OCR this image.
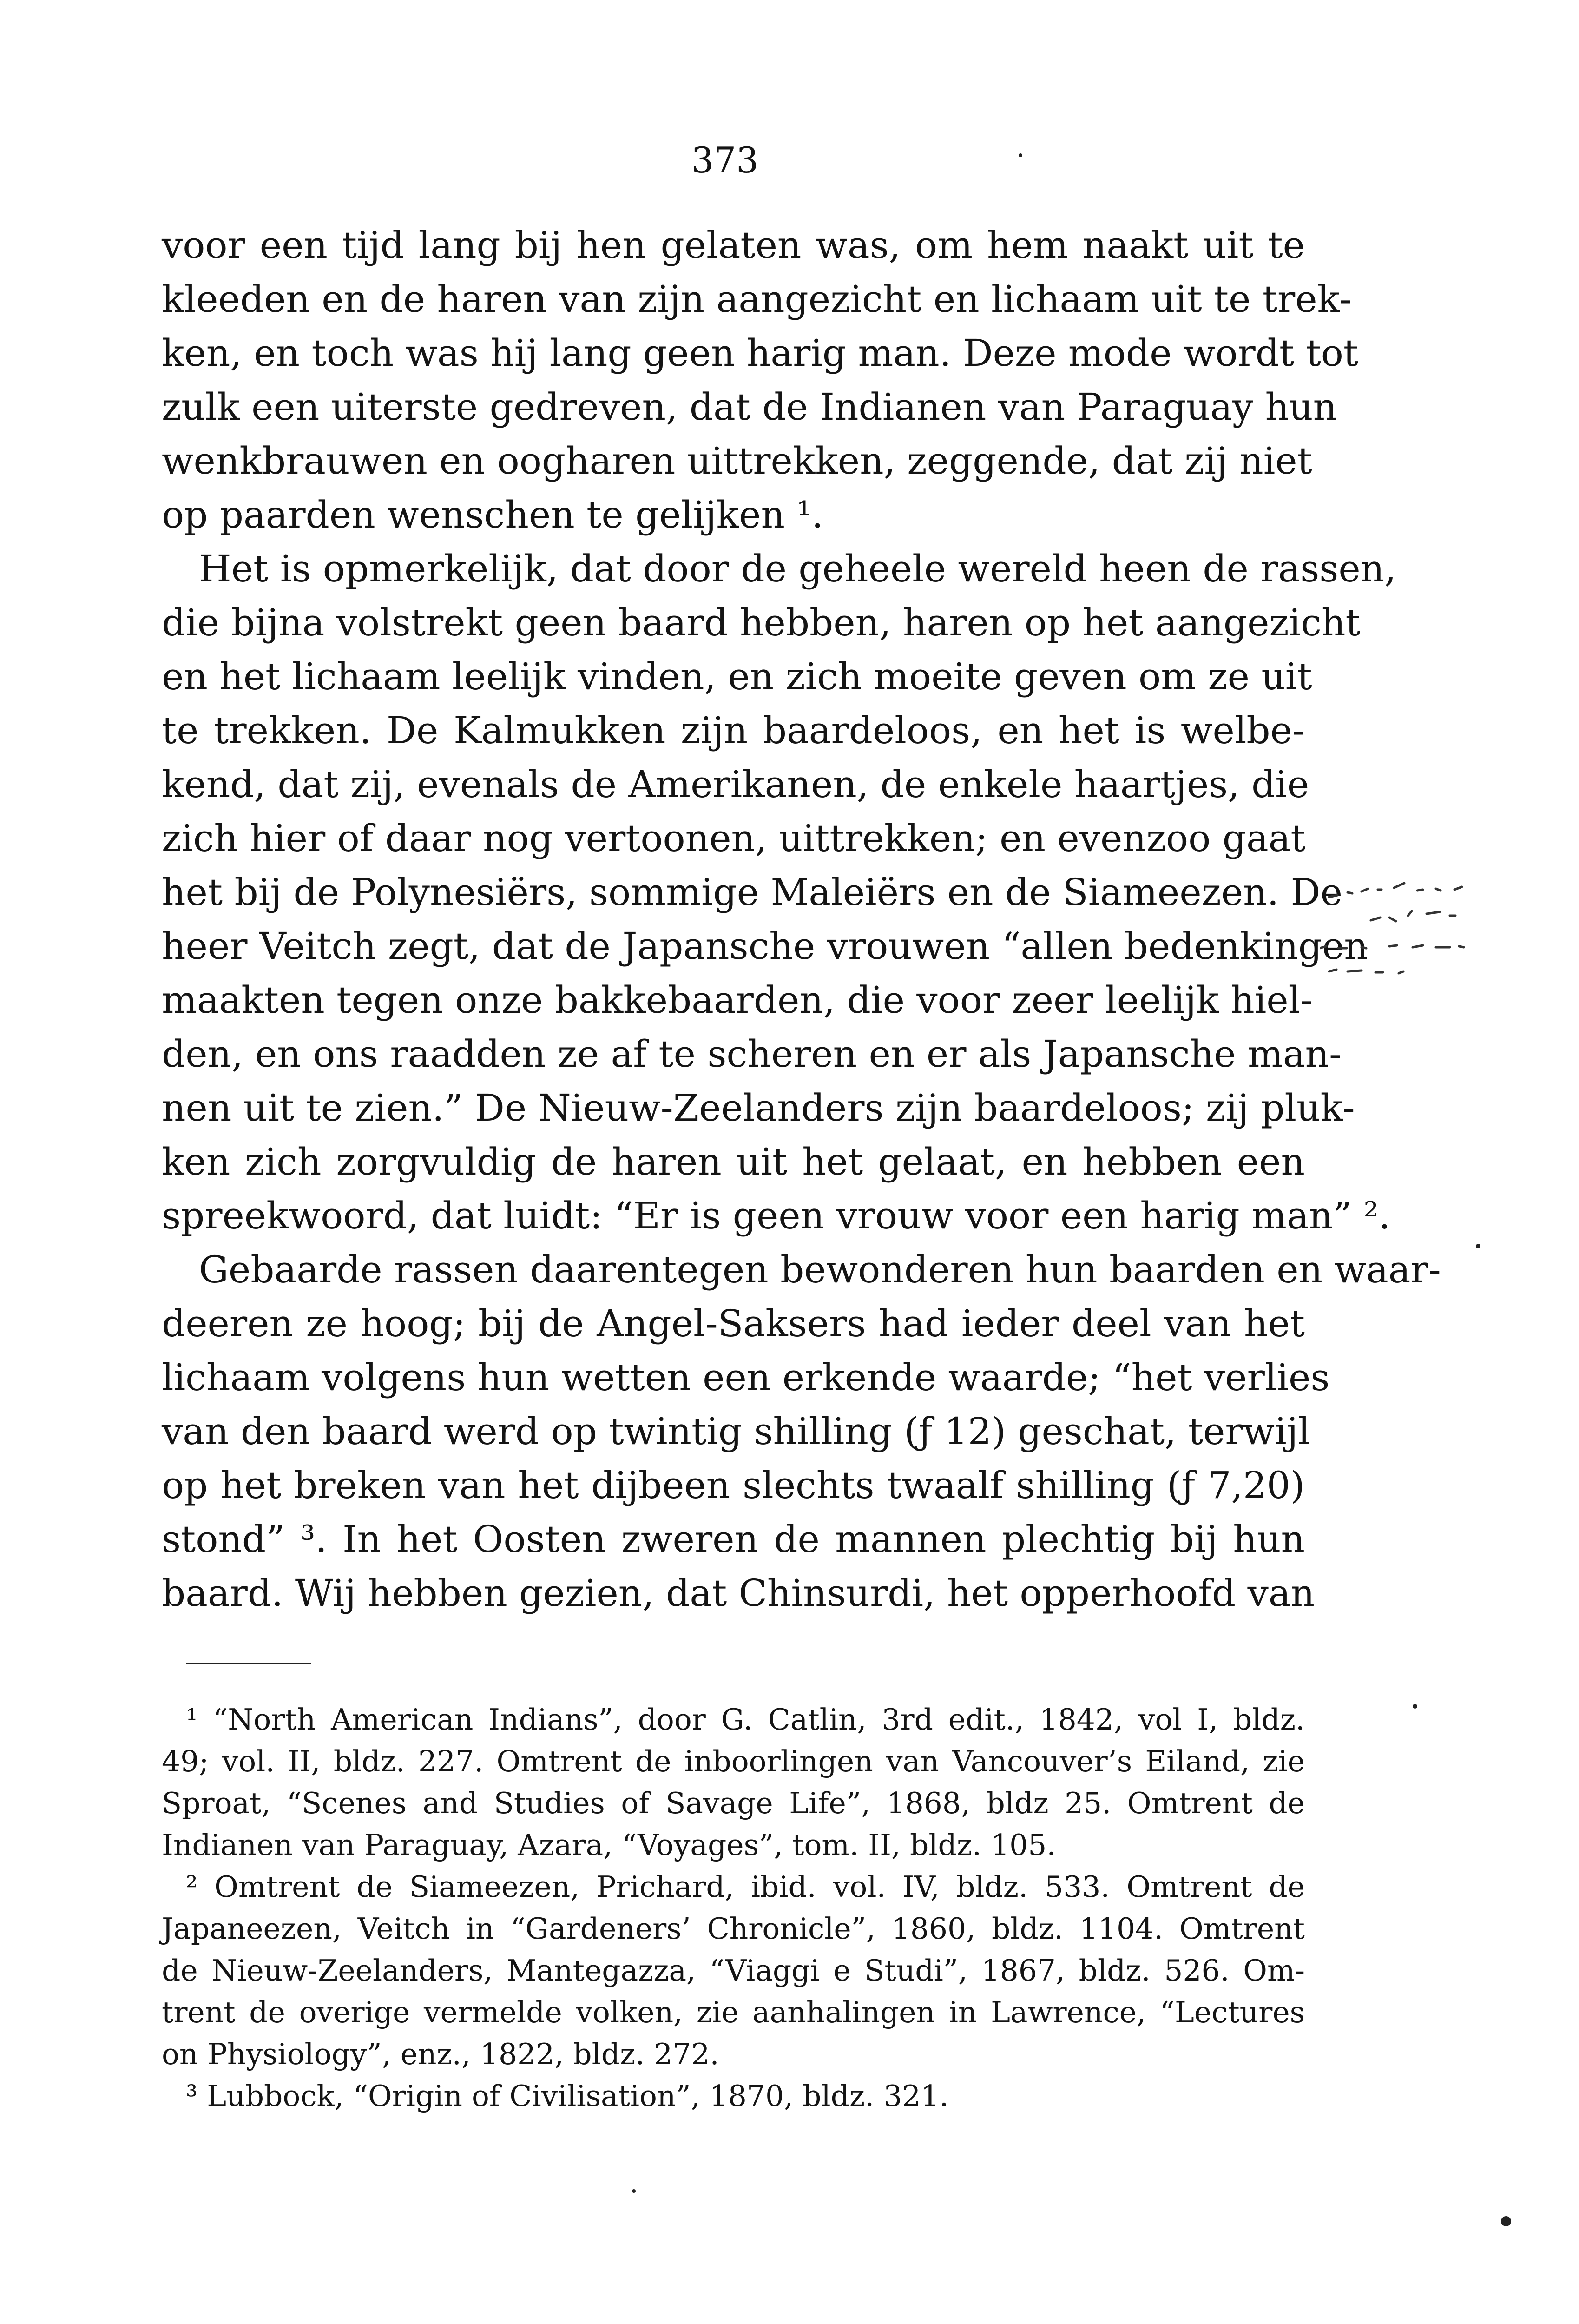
373
voor een tijd lang bij hen gelaten was, om hem naakt uit te
kleeden en de haren van zijn aangezicht en lichaam uit te trek-
ken, en toch was hij lang geen harig man. Deze mode wordt tot
zulk een uiterste gedreven, dat de Indianen van Paraguay hun
wenkbrauwen en oogharen uittrekken, zeggende, dat zij niet
op paarden wenschen te gelijken ¹.
Het is opmerkelijk, dat door de geheele wereld heen de rassen,
die bijna volstrekt geen baard hebben, haren op het aangezicht
en het lichaam leelijk vinden, en zich moeite geven om ze uit
te trekken. De Kalmukken zijn baardeloos, en het is welbe-
kend, dat zij, evenals de Amerikanen, de enkele haartjes, die
zich hier of daar nog vertoonen, uittrekken; en evenzoo gaat
het bij de Polynesiërs, sommige Maleiërs en de Siameezen. De
heer Veitch zegt, dat de Japansche vrouwen “allen bedenkingen
maakten tegen onze bakkebaarden, die voor zeer leelijk hiel-
den, en ons raadden ze af te scheren en er als Japansche man-
nen uit te zien.” De Nieuw-Zeelanders zijn baardeloos; zij pluk-
ken zich zorgvuldig de haren uit het gelaat, en hebben een
spreekwoord, dat luidt: “Er is geen vrouw voor een harig man” ².
Gebaarde rassen daarentegen bewonderen hun baarden en waar-
deeren ze hoog; bij de Angel-Saksers had ieder deel van het
lichaam volgens hun wetten een erkende waarde; “het verlies
van den baard werd op twintig shilling (ƒ 12) geschat, terwijl
op het breken van het dijbeen slechts twaalf shilling (ƒ 7,20)
stond” ³. In het Oosten zweren de mannen plechtig bij hun
baard. Wij hebben gezien, dat Chinsurdi, het opperhoofd van
¹ “North American Indians”, door G. Catlin, 3rd edit., 1842, vol I, bldz.
49; vol. II, bldz. 227. Omtrent de inboorlingen van Vancouver’s Eiland, zie
Sproat, “Scenes and Studies of Savage Life”, 1868, bldz 25. Omtrent de
Indianen van Paraguay, Azara, “Voyages”, tom. II, bldz. 105.
² Omtrent de Siameezen, Prichard, ibid. vol. IV, bldz. 533. Omtrent de
Japaneezen, Veitch in “Gardeners’ Chronicle”, 1860, bldz. 1104. Omtrent
de Nieuw-Zeelanders, Mantegazza, “Viaggi e Studi”, 1867, bldz. 526. Om-
trent de overige vermelde volken, zie aanhalingen in Lawrence, “Lectures
on Physiology”, enz., 1822, bldz. 272.
³ Lubbock, “Origin of Civilisation”, 1870, bldz. 321.
